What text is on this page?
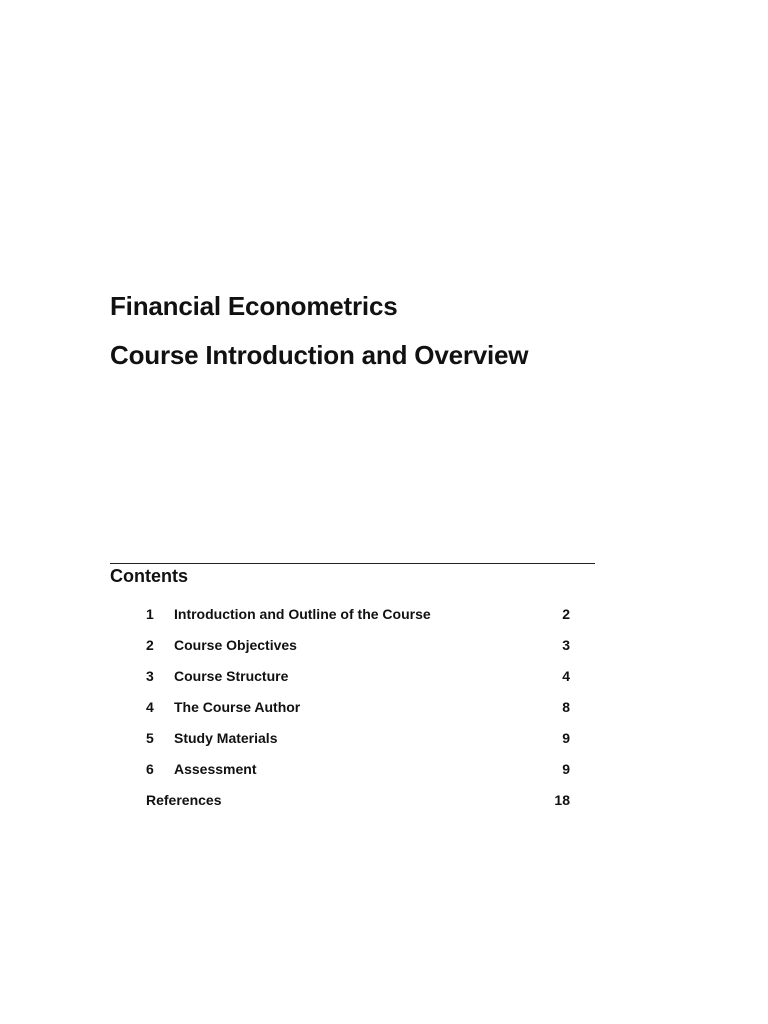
Financial Econometrics
Course Introduction and Overview
Contents
1 Introduction and Outline of the Course	2
2 Course Objectives	3
3 Course Structure	4
4 The Course Author	8
5 Study Materials	9
6 Assessment	9
References	18
